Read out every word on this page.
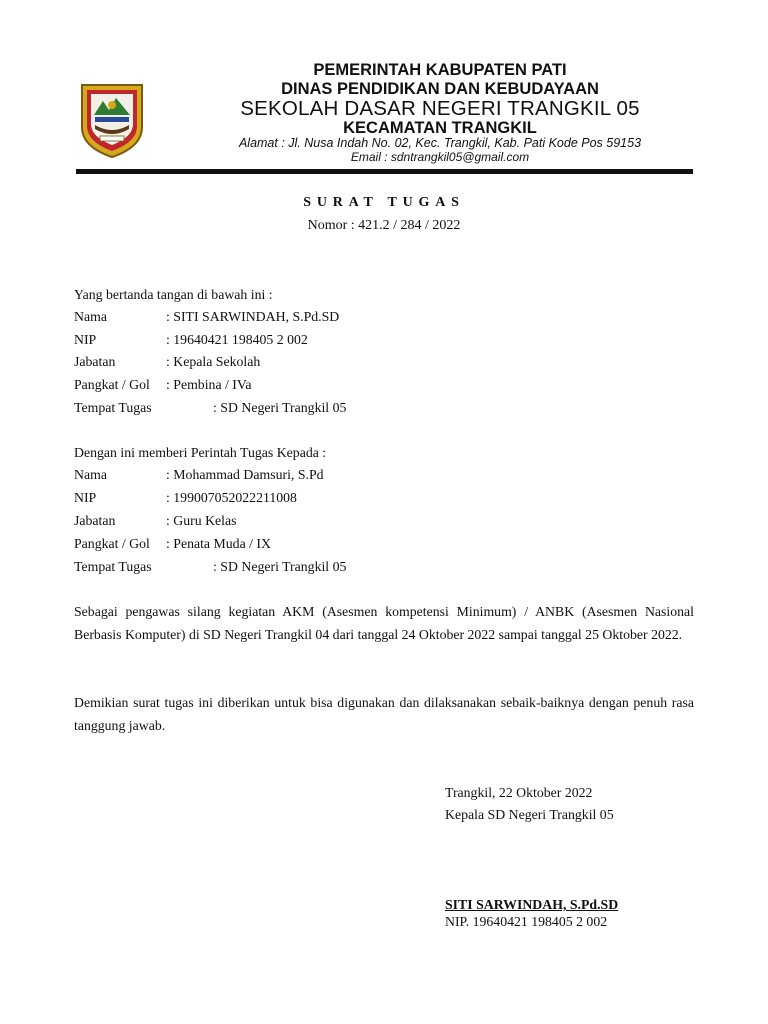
PEMERINTAH KABUPATEN PATI
DINAS PENDIDIKAN DAN KEBUDAYAAN
SEKOLAH DASAR NEGERI TRANGKIL 05
KECAMATAN TRANGKIL
Alamat : Jl. Nusa Indah No. 02, Kec. Trangkil, Kab. Pati Kode Pos 59153
Email : sdntrangkil05@gmail.com
SURAT TUGAS
Nomor : 421.2 / 284 / 2022
Yang bertanda tangan di bawah ini :
Nama	: SITI SARWINDAH, S.Pd.SD
NIP	: 19640421 198405 2 002
Jabatan	: Kepala Sekolah
Pangkat / Gol : Pembina / IVa
Tempat Tugas	: SD Negeri Trangkil 05
Dengan ini memberi Perintah Tugas Kepada :
Nama	: Mohammad Damsuri, S.Pd
NIP	: 199007052022211008
Jabatan	: Guru Kelas
Pangkat / Gol : Penata Muda / IX
Tempat Tugas	: SD Negeri Trangkil 05
Sebagai pengawas silang kegiatan AKM (Asesmen kompetensi Minimum) / ANBK (Asesmen Nasional Berbasis Komputer) di SD Negeri Trangkil 04 dari tanggal 24 Oktober 2022 sampai tanggal 25 Oktober 2022.
Demikian surat tugas ini diberikan untuk bisa digunakan dan dilaksanakan sebaik-baiknya dengan penuh rasa tanggung jawab.
Trangkil, 22 Oktober 2022
Kepala SD Negeri Trangkil 05
SITI SARWINDAH, S.Pd.SD
NIP. 19640421 198405 2 002
